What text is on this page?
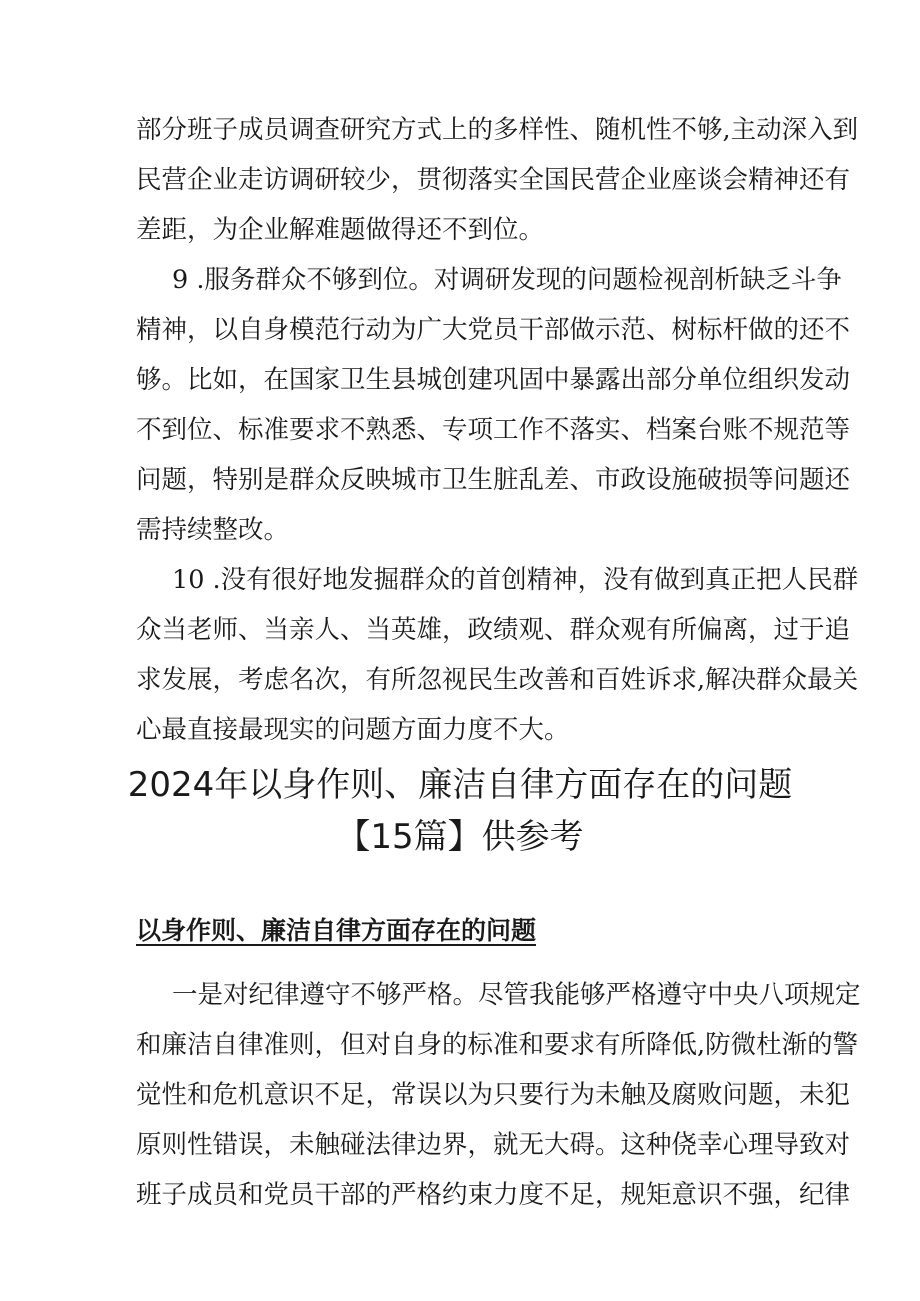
部分班子成员调查研究方式上的多样性、随机性不够,主动深入到
民营企业走访调研较少，贯彻落实全国民营企业座谈会精神还有
差距，为企业解难题做得还不到位。
9 .服务群众不够到位。对调研发现的问题检视剖析缺乏斗争
精神，以自身模范行动为广大党员干部做示范、树标杆做的还不
够。比如，在国家卫生县城创建巩固中暴露出部分单位组织发动
不到位、标准要求不熟悉、专项工作不落实、档案台账不规范等
问题，特别是群众反映城市卫生脏乱差、市政设施破损等问题还
需持续整改。
10 .没有很好地发掘群众的首创精神，没有做到真正把人民群
众当老师、当亲人、当英雄，政绩观、群众观有所偏离，过于追
求发展，考虑名次，有所忽视民生改善和百姓诉求,解决群众最关
心最直接最现实的问题方面力度不大。
2024年以身作则、廉洁自律方面存在的问题
【15篇】供参考
以身作则、廉洁自律方面存在的问题
一是对纪律遵守不够严格。尽管我能够严格遵守中央八项规定
和廉洁自律准则，但对自身的标准和要求有所降低,防微杜渐的警
觉性和危机意识不足，常误以为只要行为未触及腐败问题，未犯
原则性错误，未触碰法律边界，就无大碍。这种侥幸心理导致对
班子成员和党员干部的严格约束力度不足，规矩意识不强，纪律
